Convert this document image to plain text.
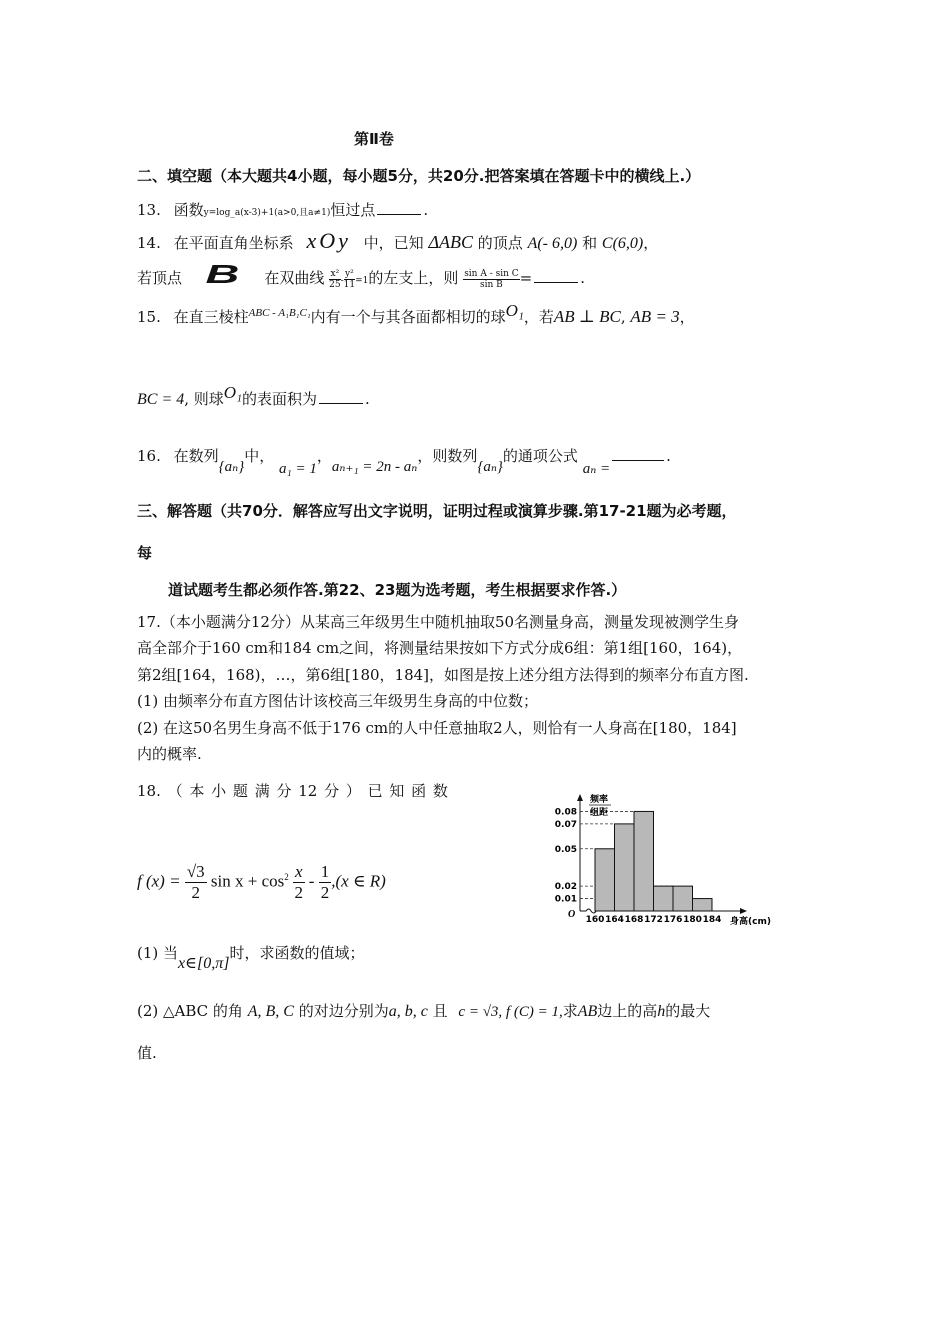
第Ⅱ卷
二、填空题（本大题共4小题，每小题5分，共20分.把答案填在答题卡中的横线上.）
13. 函数y=log_a(x-3)+1(a>0,且a≠1)恒过点	.
14. 在平面直角坐标系 xOy 中，已知 ΔABC 的顶点 A(- 6,0) 和 C(6,0)，
若顶点 B 在双曲线 $\frac{\text{x²}}{25} - \frac{\text{y²}}{11} =1$的左支上，则 $\frac{\text{sin A - sin C}}{\text{sin B}}$ =	.
15. 在直三棱柱$^{ABC - A_1B_1C_1}$内有一个与其各面都相切的球O₁，若AB ⊥ BC, AB = 3，
BC = 4, 则球O₁的表面积为	.
16. 在数列{aₙ}中， a₁ = 1，aₙ₊₁ = 2n - aₙ，则数列{aₙ}的通项公式 aₙ =.
三、解答题（共70分．解答应写出文字说明，证明过程或演算步骤.第17-21题为必考题，
每
道试题考生都必须作答.第22、23题为选考题，考生根据要求作答.）
17.（本小题满分12分）从某高三年级男生中随机抽取50名测量身高，测量发现被测学生身
高全部介于160 cm和184 cm之间，将测量结果按如下方式分成6组：第1组[160，164)，
第2组[164，168)，…，第6组[180，184]，如图是按上述分组方法得到的频率分布直方图.
(1) 由频率分布直方图估计该校高三年级男生身高的中位数；
(2) 在这50名男生身高不低于176 cm的人中任意抽取2人，则恰有一人身高在[180，184]
内的概率.
18. （ 本 小 题 满 分 12 分 ） 已 知 函 数
f $(x) = \frac{√3}{2}$ $\sin x + \cos^2 \frac{x}{2} - \frac{1}{2} ,(x$ ∈ R)
(1) 当x∈[0,π]时，求函数的值域；
(2) △ABC 的角 A, B, C 的对边分别为a, b, c 且 c = √3, f (C) = 1,求AB边上的高h的最大
值.
0.08
0.07
0.05
0.02
0.01
160 164 168 172 176 180 184
O
频率
组距
身高(cm)
